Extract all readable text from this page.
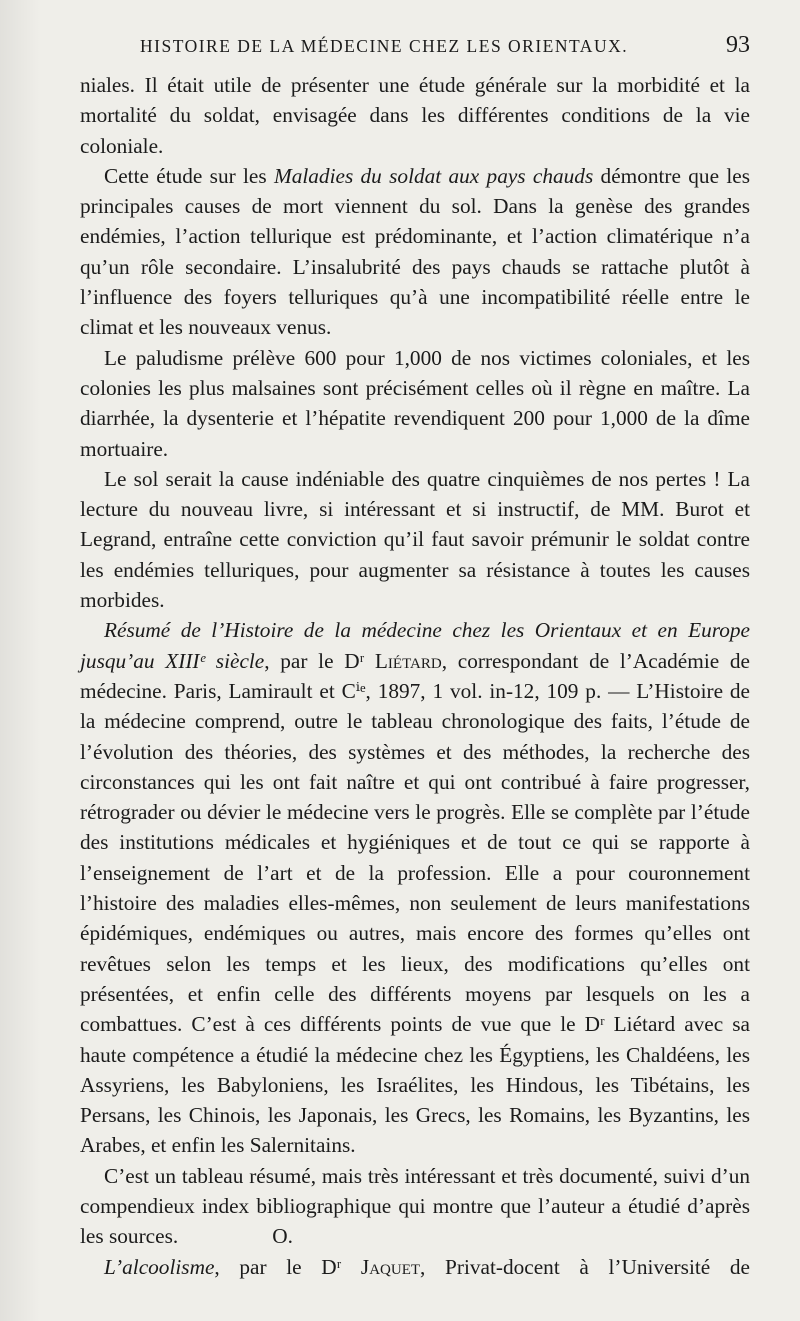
HISTOIRE DE LA MÉDECINE CHEZ LES ORIENTAUX.	93

niales. Il était utile de présenter une étude générale sur la morbidité et la mortalité du soldat, envisagée dans les différentes conditions de la vie coloniale.

Cette étude sur les Maladies du soldat aux pays chauds démontre que les principales causes de mort viennent du sol. Dans la genèse des grandes endémies, l’action tellurique est prédominante, et l’action climatérique n’a qu’un rôle secondaire. L’insalubrité des pays chauds se rattache plutôt à l’influence des foyers telluriques qu’à une incompatibilité réelle entre le climat et les nouveaux venus.

Le paludisme prélève 600 pour 1,000 de nos victimes coloniales, et les colonies les plus malsaines sont précisément celles où il règne en maître. La diarrhée, la dysenterie et l’hépatite revendiquent 200 pour 1,000 de la dîme mortuaire.

Le sol serait la cause indéniable des quatre cinquièmes de nos pertes ! La lecture du nouveau livre, si intéressant et si instructif, de MM. Burot et Legrand, entraîne cette conviction qu’il faut savoir prémunir le soldat contre les endémies telluriques, pour augmenter sa résistance à toutes les causes morbides.

Résumé de l’Histoire de la médecine chez les Orientaux et en Europe jusqu’au XIIIᵉ siècle, par le Dʳ Liétard, correspondant de l’Académie de médecine. Paris, Lamirault et Cⁱᵉ, 1897, 1 vol. in-12, 109 p. — L’Histoire de la médecine comprend, outre le tableau chronologique des faits, l’étude de l’évolution des théories, des systèmes et des méthodes, la recherche des circonstances qui les ont fait naître et qui ont contribué à faire progresser, rétrograder ou dévier le médecine vers le progrès. Elle se complète par l’étude des institutions médicales et hygiéniques et de tout ce qui se rapporte à l’enseignement de l’art et de la profession. Elle a pour couronnement l’histoire des maladies elles-mêmes, non seulement de leurs manifestations épidémiques, endémiques ou autres, mais encore des formes qu’elles ont revêtues selon les temps et les lieux, des modifications qu’elles ont présentées, et enfin celle des différents moyens par lesquels on les a combattues. C’est à ces différents points de vue que le Dʳ Liétard avec sa haute compétence a étudié la médecine chez les Égyptiens, les Chaldéens, les Assyriens, les Babyloniens, les Israélites, les Hindous, les Tibétains, les Persans, les Chinois, les Japonais, les Grecs, les Romains, les Byzantins, les Arabes, et enfin les Salernitains.

C’est un tableau résumé, mais très intéressant et très documenté, suivi d’un compendieux index bibliographique qui montre que l’auteur a étudié d’après les sources.	O.

L’alcoolisme, par le Dʳ Jaquet, Privat-docent à l’Université de
